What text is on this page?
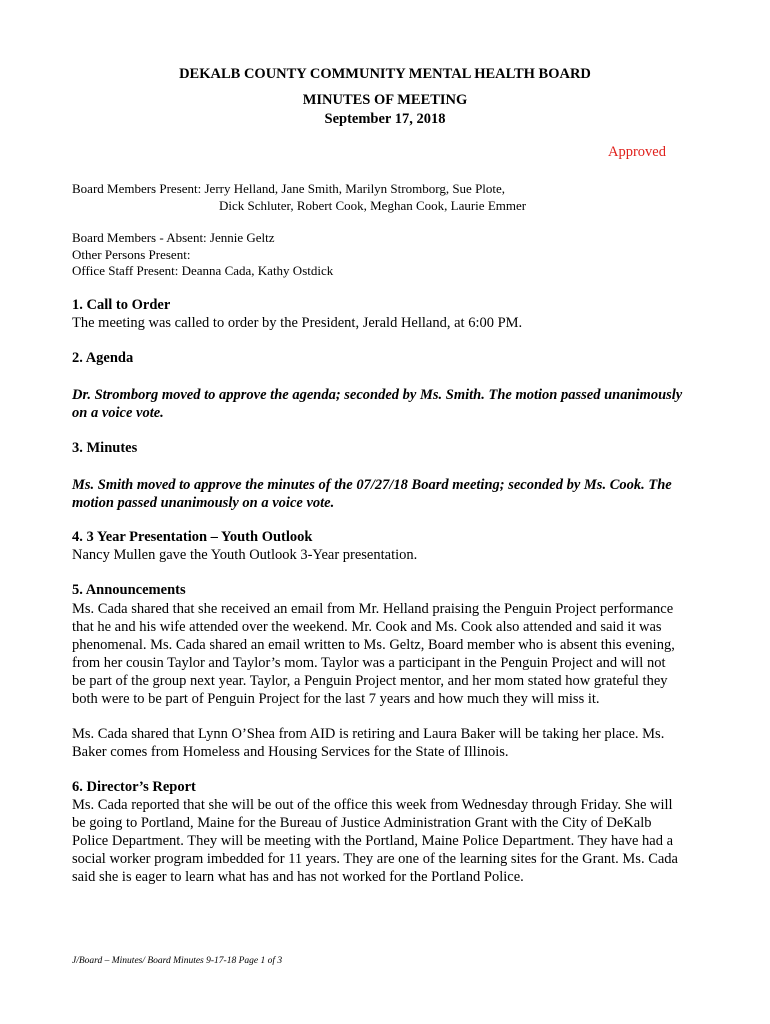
DEKALB COUNTY COMMUNITY MENTAL HEALTH BOARD
MINUTES OF MEETING
September 17, 2018
Approved
Board Members Present: Jerry Helland, Jane Smith, Marilyn Stromborg, Sue Plote,
Dick Schluter, Robert Cook, Meghan Cook, Laurie Emmer
Board Members - Absent: Jennie Geltz
Other Persons Present:
Office Staff Present: Deanna Cada, Kathy Ostdick
1. Call to Order
The meeting was called to order by the President, Jerald Helland, at 6:00 PM.
2. Agenda
Dr. Stromborg moved to approve the agenda; seconded by Ms. Smith. The motion passed unanimously
on a voice vote.
3. Minutes
Ms. Smith moved to approve the minutes of the 07/27/18 Board meeting; seconded by Ms. Cook. The
motion passed unanimously on a voice vote.
4. 3 Year Presentation – Youth Outlook
Nancy Mullen gave the Youth Outlook 3-Year presentation.
5. Announcements
Ms. Cada shared that she received an email from Mr. Helland praising the Penguin Project performance
that he and his wife attended over the weekend. Mr. Cook and Ms. Cook also attended and said it was
phenomenal. Ms. Cada shared an email written to Ms. Geltz, Board member who is absent this evening,
from her cousin Taylor and Taylor’s mom. Taylor was a participant in the Penguin Project and will not
be part of the group next year. Taylor, a Penguin Project mentor, and her mom stated how grateful they
both were to be part of Penguin Project for the last 7 years and how much they will miss it.
Ms. Cada shared that Lynn O’Shea from AID is retiring and Laura Baker will be taking her place. Ms.
Baker comes from Homeless and Housing Services for the State of Illinois.
6. Director’s Report
Ms. Cada reported that she will be out of the office this week from Wednesday through Friday. She will
be going to Portland, Maine for the Bureau of Justice Administration Grant with the City of DeKalb
Police Department. They will be meeting with the Portland, Maine Police Department. They have had a
social worker program imbedded for 11 years. They are one of the learning sites for the Grant. Ms. Cada
said she is eager to learn what has and has not worked for the Portland Police.
J/Board – Minutes/ Board Minutes 9-17-18 Page 1 of 3
